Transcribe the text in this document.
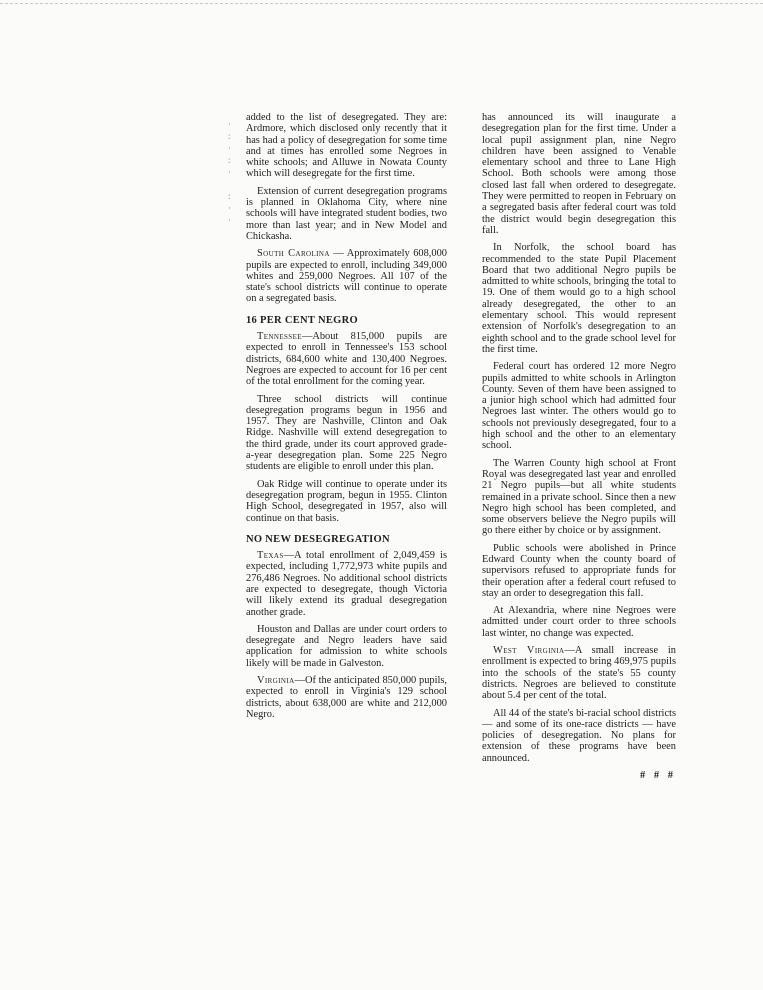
·
:
·
:
·

:
·
·

added to the list of desegregated. They are: Ardmore, which disclosed only recently that it has had a policy of desegregation for some time and at times has enrolled some Negroes in white schools; and Alluwe in Nowata County which will desegregate for the first time.

Extension of current desegregation programs is planned in Oklahoma City, where nine schools will have integrated student bodies, two more than last year; and in New Model and Chickasha.

South Carolina — Approximately 608,000 pupils are expected to enroll, including 349,000 whites and 259,000 Negroes. All 107 of the state's school districts will continue to operate on a segregated basis.

16 PER CENT NEGRO

Tennessee—About 815,000 pupils are expected to enroll in Tennessee's 153 school districts, 684,600 white and 130,400 Negroes. Negroes are expected to account for 16 per cent of the total enrollment for the coming year.

Three school districts will continue desegregation programs begun in 1956 and 1957. They are Nashville, Clinton and Oak Ridge. Nashville will extend desegregation to the third grade, under its court approved grade-a-year desegregation plan. Some 225 Negro students are eligible to enroll under this plan.

Oak Ridge will continue to operate under its desegregation program, begun in 1955. Clinton High School, desegregated in 1957, also will continue on that basis.

NO NEW DESEGREGATION

Texas—A total enrollment of 2,049,459 is expected, including 1,772,973 white pupils and 276,486 Negroes. No additional school districts are expected to desegregate, though Victoria will likely extend its gradual desegregation another grade.

Houston and Dallas are under court orders to desegregate and Negro leaders have said application for admission to white schools likely will be made in Galveston.

Virginia—Of the anticipated 850,000 pupils, expected to enroll in Virginia's 129 school districts, about 638,000 are white and 212,000 Negro.

has announced its will inaugurate a desegregation plan for the first time. Under a local pupil assignment plan, nine Negro children have been assigned to Venable elementary school and three to Lane High School. Both schools were among those closed last fall when ordered to desegregate. They were permitted to reopen in February on a segregated basis after federal court was told the district would begin desegregation this fall.

In Norfolk, the school board has recommended to the state Pupil Placement Board that two additional Negro pupils be admitted to white schools, bringing the total to 19. One of them would go to a high school already desegregated, the other to an elementary school. This would represent extension of Norfolk's desegregation to an eighth school and to the grade school level for the first time.

Federal court has ordered 12 more Negro pupils admitted to white schools in Arlington County. Seven of them have been assigned to a junior high school which had admitted four Negroes last winter. The others would go to schools not previously desegregated, four to a high school and the other to an elementary school.

The Warren County high school at Front Royal was desegregated last year and enrolled 21 Negro pupils—but all white students remained in a private school. Since then a new Negro high school has been completed, and some observers believe the Negro pupils will go there either by choice or by assignment.

Public schools were abolished in Prince Edward County when the county board of supervisors refused to appropriate funds for their operation after a federal court refused to stay an order to desegregation this fall.

At Alexandria, where nine Negroes were admitted under court order to three schools last winter, no change was expected.

West Virginia—A small increase in enrollment is expected to bring 469,975 pupils into the schools of the state's 55 county districts. Negroes are believed to constitute about 5.4 per cent of the total.

All 44 of the state's bi-racial school districts — and some of its one-race districts — have policies of desegregation. No plans for extension of these programs have been announced.

# # #
